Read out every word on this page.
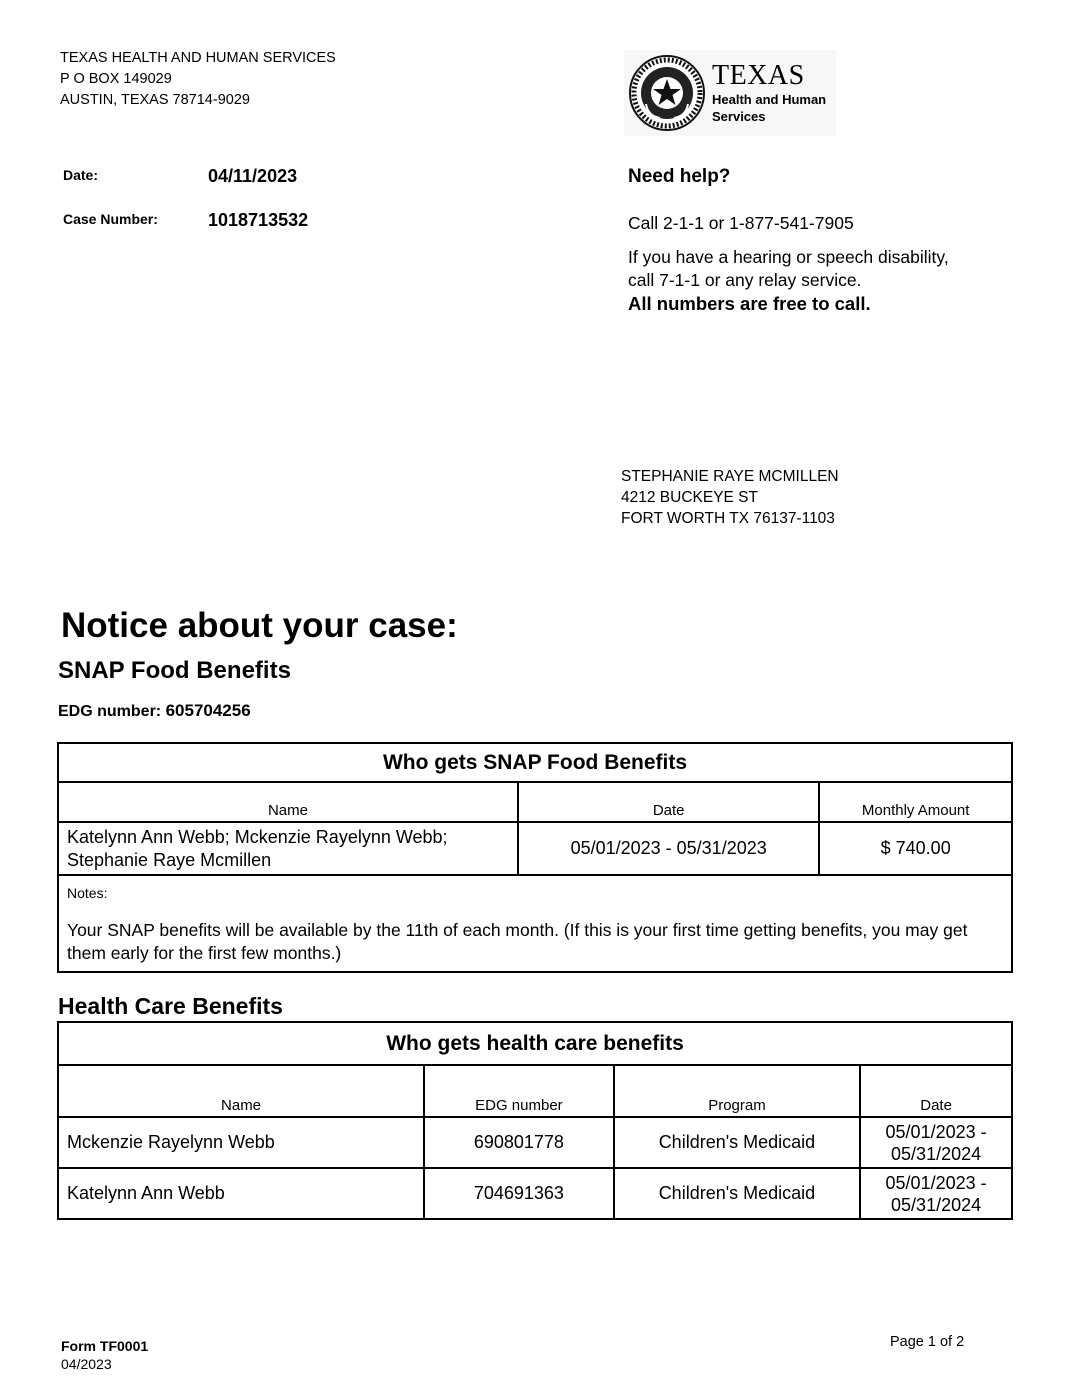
TEXAS HEALTH AND HUMAN SERVICES
P O BOX 149029
AUSTIN, TEXAS 78714-9029
TEXAS
Health and Human
Services
Date:	04/11/2023
Case Number:	1018713532
Need help?
Call 2-1-1 or 1-877-541-7905
If you have a hearing or speech disability,
call 7-1-1 or any relay service.
All numbers are free to call.
STEPHANIE RAYE MCMILLEN
4212 BUCKEYE ST
FORT WORTH TX 76137-1103
Notice about your case:
SNAP Food Benefits
EDG number: 605704256
Who gets SNAP Food Benefits		
Name	Date	Monthly Amount

Katelynn Ann Webb; Mckenzie Rayelynn Webb;
Stephanie Raye Mcmillen	05/01/2023 - 05/31/2023	$ 740.00

Notes:
Your SNAP benefits will be available by the 11th of each month. (If this is your first time getting benefits, you may get them early for the first few months.)		
Health Care Benefits
Who gets health care benefits			
Name	EDG number	Program	Date
Mckenzie Rayelynn Webb	690801778	Children's Medicaid	05/01/2023 -
05/31/2024

Katelynn Ann Webb	704691363	Children's Medicaid	05/01/2023 -
05/31/2024
Form TF0001
04/2023
Page 1 of 2
